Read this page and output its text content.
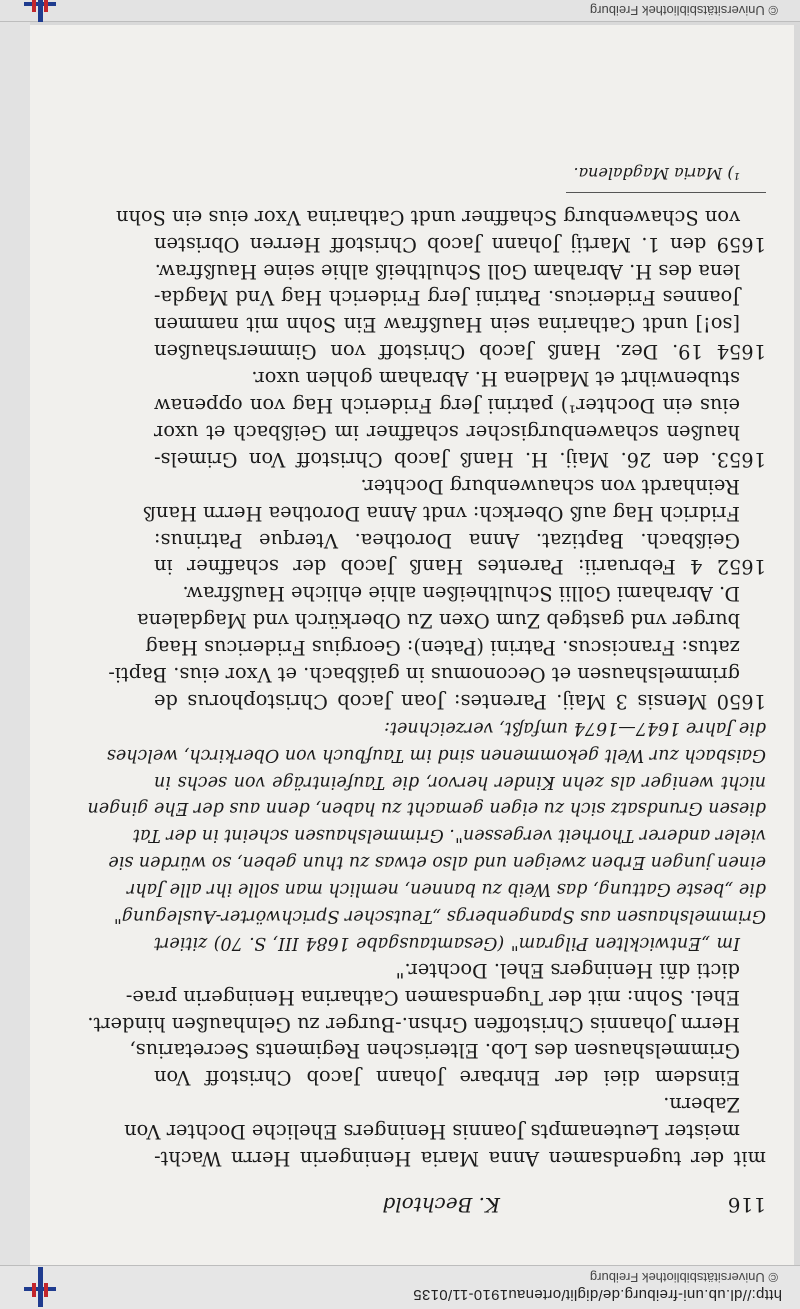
http://dl.ub.uni-freiburg.de/diglit/ortenau1910-11/0135
© Universitätsbibliothek Freiburg
116
K. Bechtold
mit der tugendsamen Anna Maria Heningerin Herrn Wacht-
meister Leutenampts Joannis Heningers Eheliche Dochter Von
Zabern.
Einsdem diei der Ehrbare Johann Jacob Christoff Von
Grimmelshausen des Lob. Elterischen Regiments Secretarius,
Herrn Johannis Christoffen Grhsn.-Burger zu Gelnhaußen hindert.
Ehel. Sohn: mit der Tugendsamen Catharina Heningerin prae-
dicti dñi Heningers Ehel. Dochter."
Im „Entwicklten Pilgram" (Gesamtausgabe 1684 III, S. 70) zitiert
Grimmelshausen aus Spangenbergs „Teutscher Sprichwörter-Auslegung"
die „beste Gattung, das Weib zu bannen, nemlich man solle ihr alle Jahr
einen jungen Erben zweigen und also etwas zu thun geben, so würden sie
vieler anderer Thorheit vergessen". Grimmelshausen scheint in der Tat
diesen Grundsatz sich zu eigen gemacht zu haben, denn aus der Ehe gingen
nicht weniger als zehn Kinder hervor, die Taufeinträge von sechs in
Gaisbach zur Welt gekommenen sind im Taufbuch von Oberkirch, welches
die Jahre 1647—1674 umfaßt, verzeichnet:
1650 Mensis 3 Maij. Parentes: Joan Jacob Christophorus de
grimmelshausen et Oeconomus in gaißbach. et Vxor eius. Bapti-
zatus: Franciscus. Patrini (Paten): Georgius Fridericus Haag
burger vnd gastgeb Zum Oxen Zu Oberkürch vnd Magdalena
D. Abrahami Gollii Schultheißen alhie ehliche Haußfraw.
1652 4 Februarii: Parentes Hanß Jacob der schaffner in
Geißbach. Baptizat. Anna Dorothea. Vterque Patrinus:
Fridrich Hag auß Oberkch: vndt Anna Dorothea Herrn Hanß
Reinhardt von schauwenburg Dochter.
1653. den 26. Maij. H. Hanß Jacob Christoff Von Grimels-
haußen schawenburgischer schaffner im Geißbach et uxor
eius ein Dochter¹) patrini Jerg Friderich Hag von oppenaw
stubenwihrt et Madlena H. Abraham gohlen uxor.
1654 19. Dez. Hanß Jacob Christoff von Gimmershaußen
[so!] undt Catharina sein Haußfraw Ein Sohn mit nammen
Joannes Fridericus. Patrini Jerg Friderich Hag Vnd Magda-
lena des H. Abraham Goll Schultheiß alhie seine Haußfraw.
1659 den 1. Martij Johann Jacob Christoff Herren Obristen
von Schawenburg Schaffner undt Catharina Vxor eius ein Sohn
¹) Maria Magdalena.
© Universitätsbibliothek Freiburg
